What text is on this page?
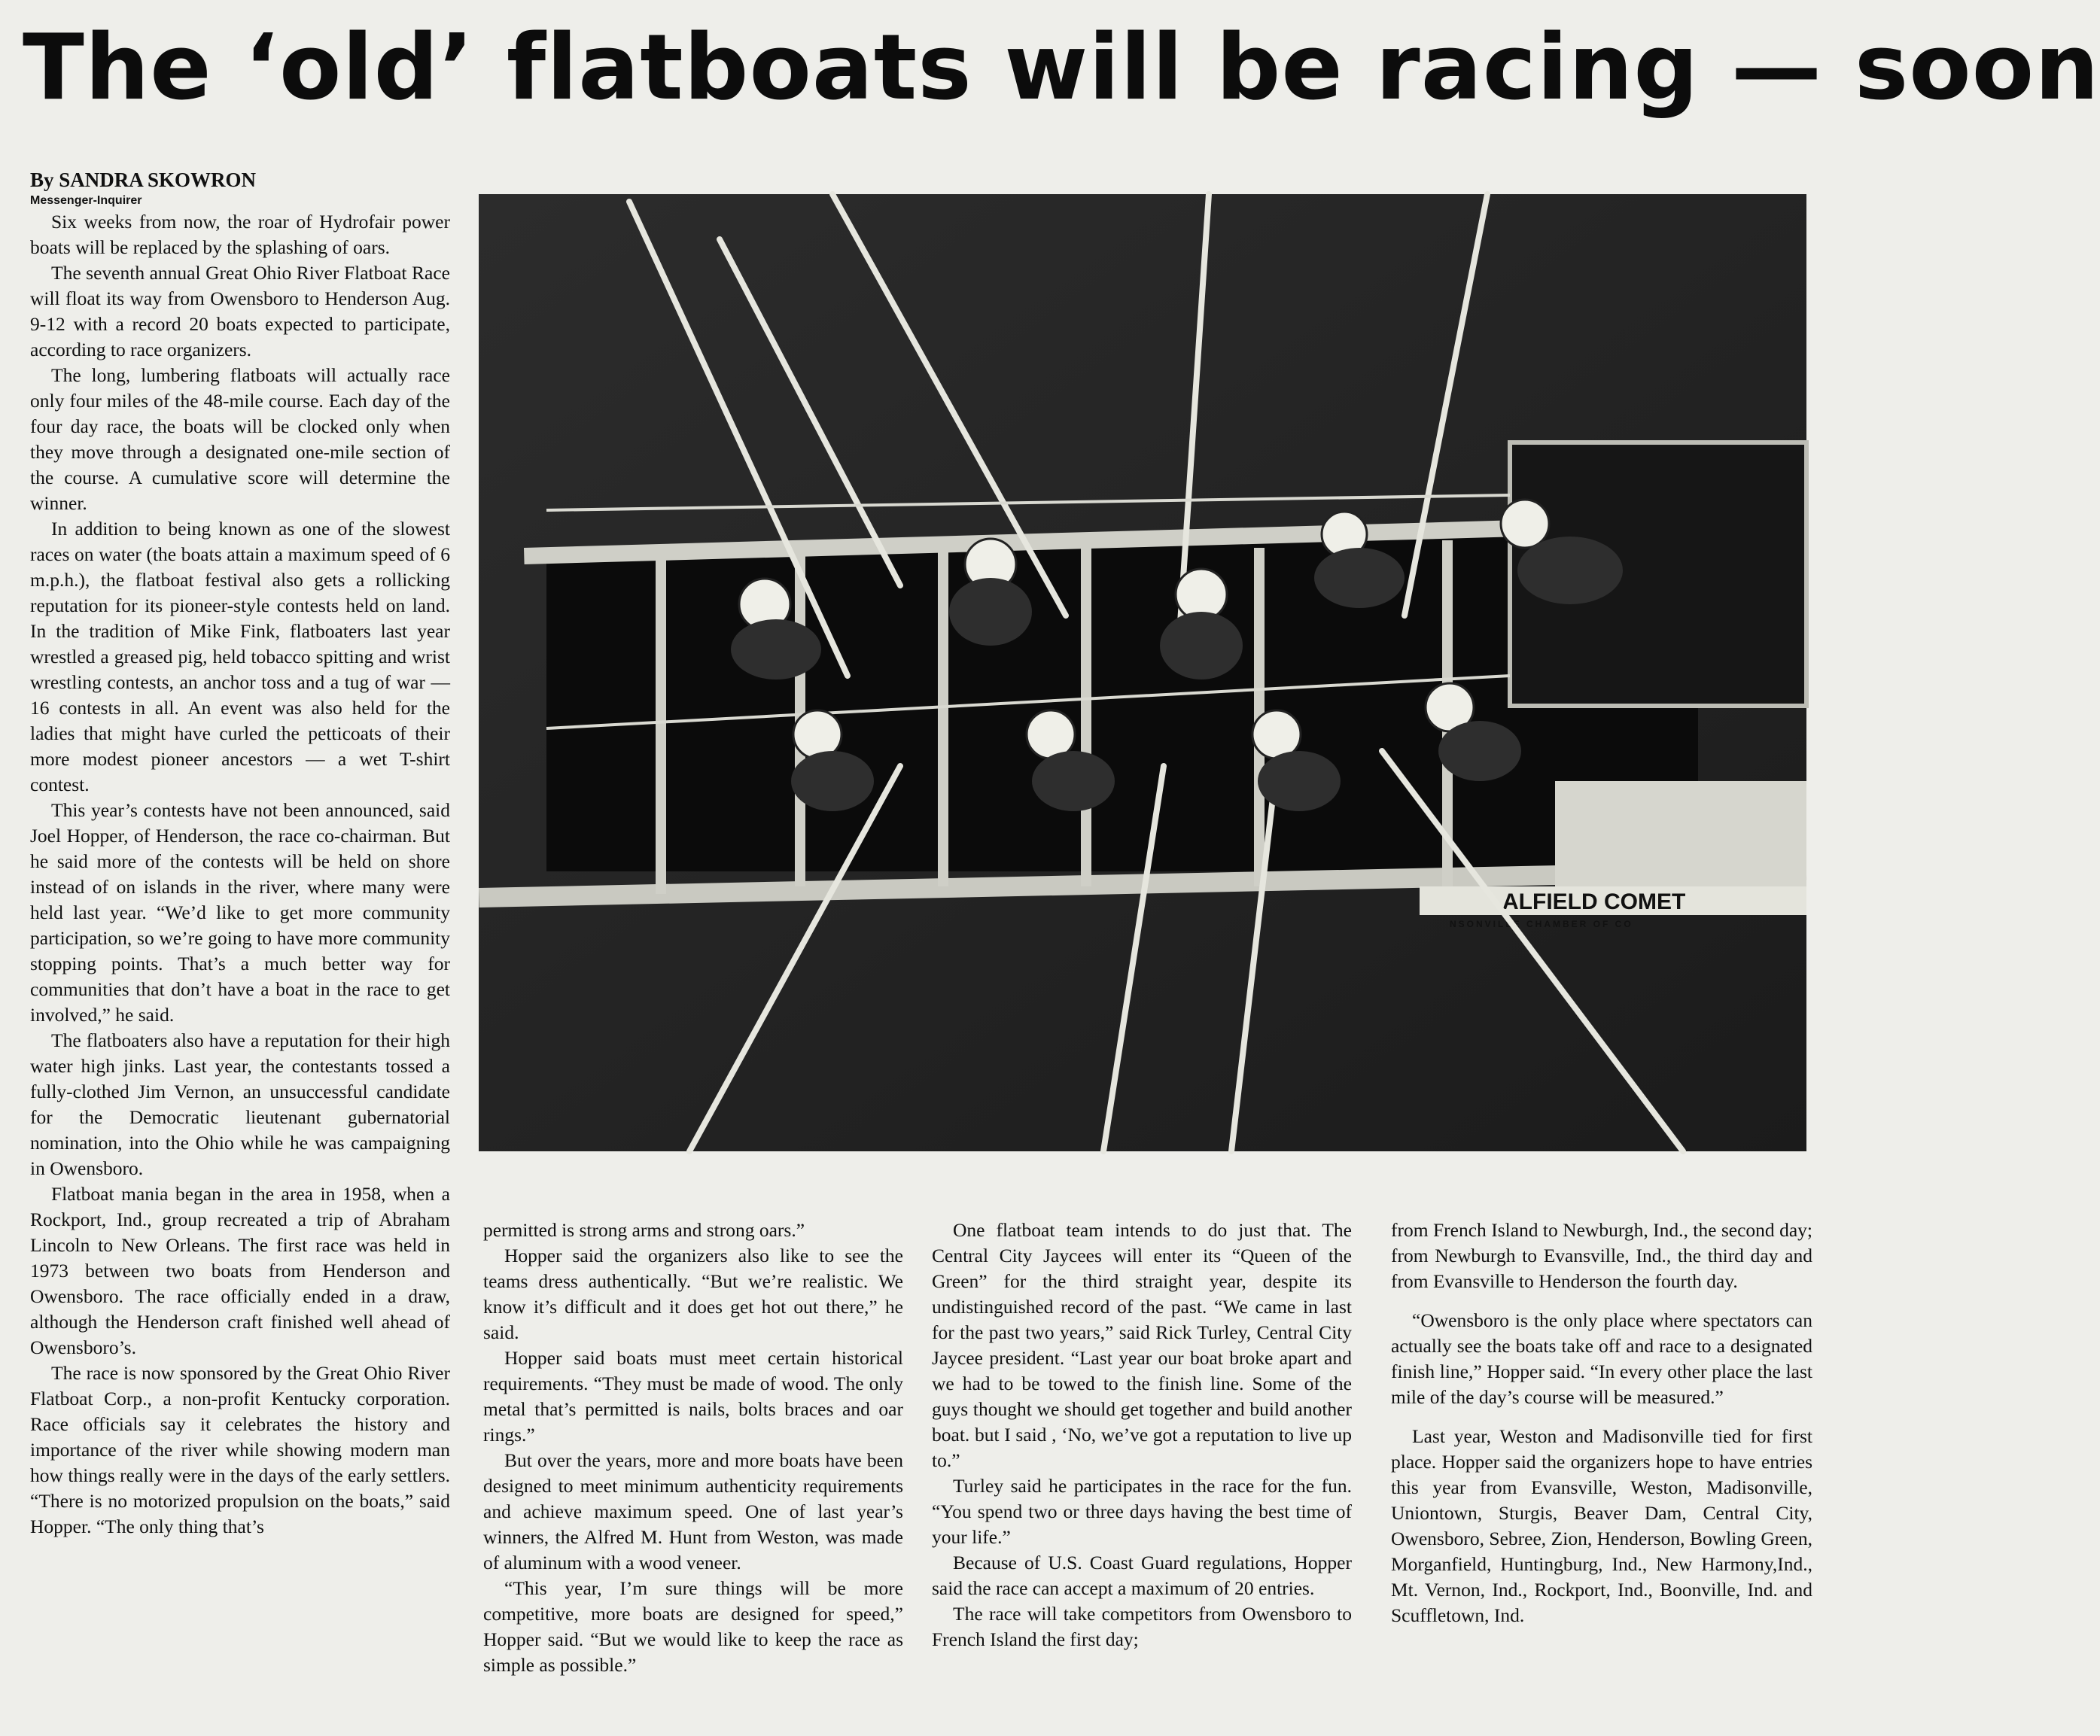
The ‘old’ flatboats will be racing — soon

By SANDRA SKOWRON

Messenger-Inquirer

Six weeks from now, the roar of Hydrofair power boats will be replaced by the splashing of oars.

The seventh annual Great Ohio River Flatboat Race will float its way from Owensboro to Henderson Aug. 9-12 with a record 20 boats expected to participate, according to race organizers.

The long, lumbering flatboats will actually race only four miles of the 48-mile course. Each day of the four day race, the boats will be clocked only when they move through a designated one-mile section of the course. A cumulative score will determine the winner.

In addition to being known as one of the slowest races on water (the boats attain a maximum speed of 6 m.p.h.), the flatboat festival also gets a rollicking reputation for its pioneer-style contests held on land. In the tradition of Mike Fink, flatboaters last year wrestled a greased pig, held tobacco spitting and wrist wrestling contests, an anchor toss and a tug of war — 16 contests in all. An event was also held for the ladies that might have curled the petticoats of their more modest pioneer ancestors — a wet T-shirt contest.

This year’s contests have not been announced, said Joel Hopper, of Henderson, the race co-chairman. But he said more of the contests will be held on shore instead of on islands in the river, where many were held last year. “We’d like to get more community participation, so we’re going to have more community stopping points. That’s a much better way for communities that don’t have a boat in the race to get involved,” he said.

The flatboaters also have a reputation for their high water high jinks. Last year, the contestants tossed a fully-clothed Jim Vernon, an unsuccessful candidate for the Democratic lieutenant gubernatorial nomination, into the Ohio while he was campaigning in Owensboro.

Flatboat mania began in the area in 1958, when a Rockport, Ind., group recreated a trip of Abraham Lincoln to New Orleans. The first race was held in 1973 between two boats from Henderson and Owensboro. The race officially ended in a draw, although the Henderson craft finished well ahead of Owensboro’s.

The race is now sponsored by the Great Ohio River Flatboat Corp., a non-profit Kentucky corporation. Race officials say it celebrates the history and importance of the river while showing modern man how things really were in the days of the early settlers. “There is no motorized propulsion on the boats,” said Hopper. “The only thing that’s

ALFIELD COMET
NSONVILLE CHAMBER OF CO

permitted is strong arms and strong oars.”

Hopper said the organizers also like to see the teams dress authentically. “But we’re realistic. We know it’s difficult and it does get hot out there,” he said.

Hopper said boats must meet certain historical requirements. “They must be made of wood. The only metal that’s permitted is nails, bolts braces and oar rings.”

But over the years, more and more boats have been designed to meet minimum authenticity requirements and achieve maximum speed. One of last year’s winners, the Alfred M. Hunt from Weston, was made of aluminum with a wood veneer.

“This year, I’m sure things will be more competitive, more boats are designed for speed,” Hopper said. “But we would like to keep the race as simple as possible.”

One flatboat team intends to do just that. The Central City Jaycees will enter its “Queen of the Green” for the third straight year, despite its undistinguished record of the past. “We came in last for the past two years,” said Rick Turley, Central City Jaycee president. “Last year our boat broke apart and we had to be towed to the finish line. Some of the guys thought we should get together and build another boat. but I said , ‘No, we’ve got a reputation to live up to.”

Turley said he participates in the race for the fun. “You spend two or three days having the best time of your life.”

Because of U.S. Coast Guard regulations, Hopper said the race can accept a maximum of 20 entries.

The race will take competitors from Owensboro to French Island the first day;

from French Island to Newburgh, Ind., the second day; from Newburgh to Evansville, Ind., the third day and from Evansville to Henderson the fourth day.

“Owensboro is the only place where spectators can actually see the boats take off and race to a designated finish line,” Hopper said. “In every other place the last mile of the day’s course will be measured.”

Last year, Weston and Madisonville tied for first place. Hopper said the organizers hope to have entries this year from Evansville, Weston, Madisonville, Uniontown, Sturgis, Beaver Dam, Central City, Owensboro, Sebree, Zion, Henderson, Bowling Green, Morganfield, Huntingburg, Ind., New Harmony,Ind., Mt. Vernon, Ind., Rockport, Ind., Boonville, Ind. and Scuffletown, Ind.
